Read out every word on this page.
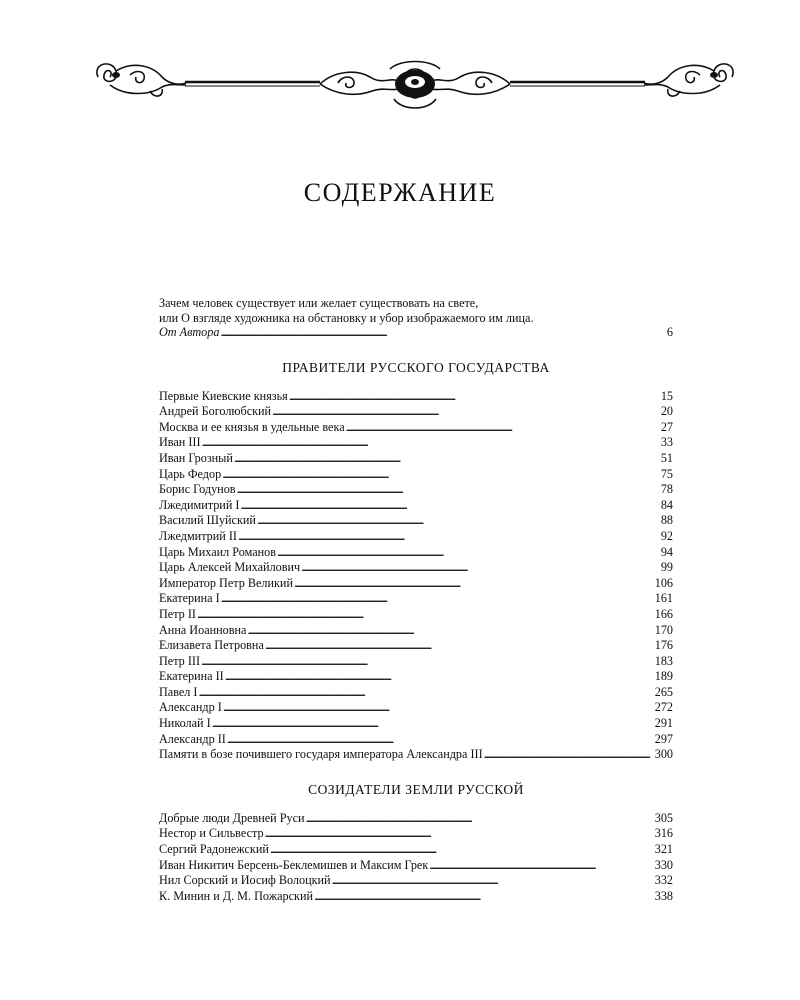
СОДЕРЖАНИЕ
Зачем человек существует или желает существовать на свете,
или О взгляде художника на обстановку и убор изображаемого им лица.
От Автора . . .	6
ПРАВИТЕЛИ РУССКОГО ГОСУДАРСТВА
Первые Киевские князья . . .	15
Андрей Боголюбский . . .	20
Москва и ее князья в удельные века . . .	27
Иван III . . .	33
Иван Грозный . . .	51
Царь Федор . . .	75
Борис Годунов . . .	78
Лжедимитрий I . . .	84
Василий Шуйский . . .	88
Лжедмитрий II . . .	92
Царь Михаил Романов . . .	94
Царь Алексей Михайлович . . .	99
Император Петр Великий . . .	106
Екатерина I . . .	161
Петр II . . .	166
Анна Иоанновна . . .	170
Елизавета Петровна . . .	176
Петр III . . .	183
Екатерина II . . .	189
Павел I . . .	265
Александр I . . .	272
Николай I . . .	291
Александр II . . .	297
Памяти в бозе почившего государя императора Александра III . . .	300
СОЗИДАТЕЛИ ЗЕМЛИ РУССКОЙ
Добрые люди Древней Руси . . .	305
Нестор и Сильвестр . . .	316
Сергий Радонежский . . .	321
Иван Никитич Берсень-Беклемишев и Максим Грек . . .	330
Нил Сорский и Иосиф Волоцкий . . .	332
К. Минин и Д. М. Пожарский . . .	338
